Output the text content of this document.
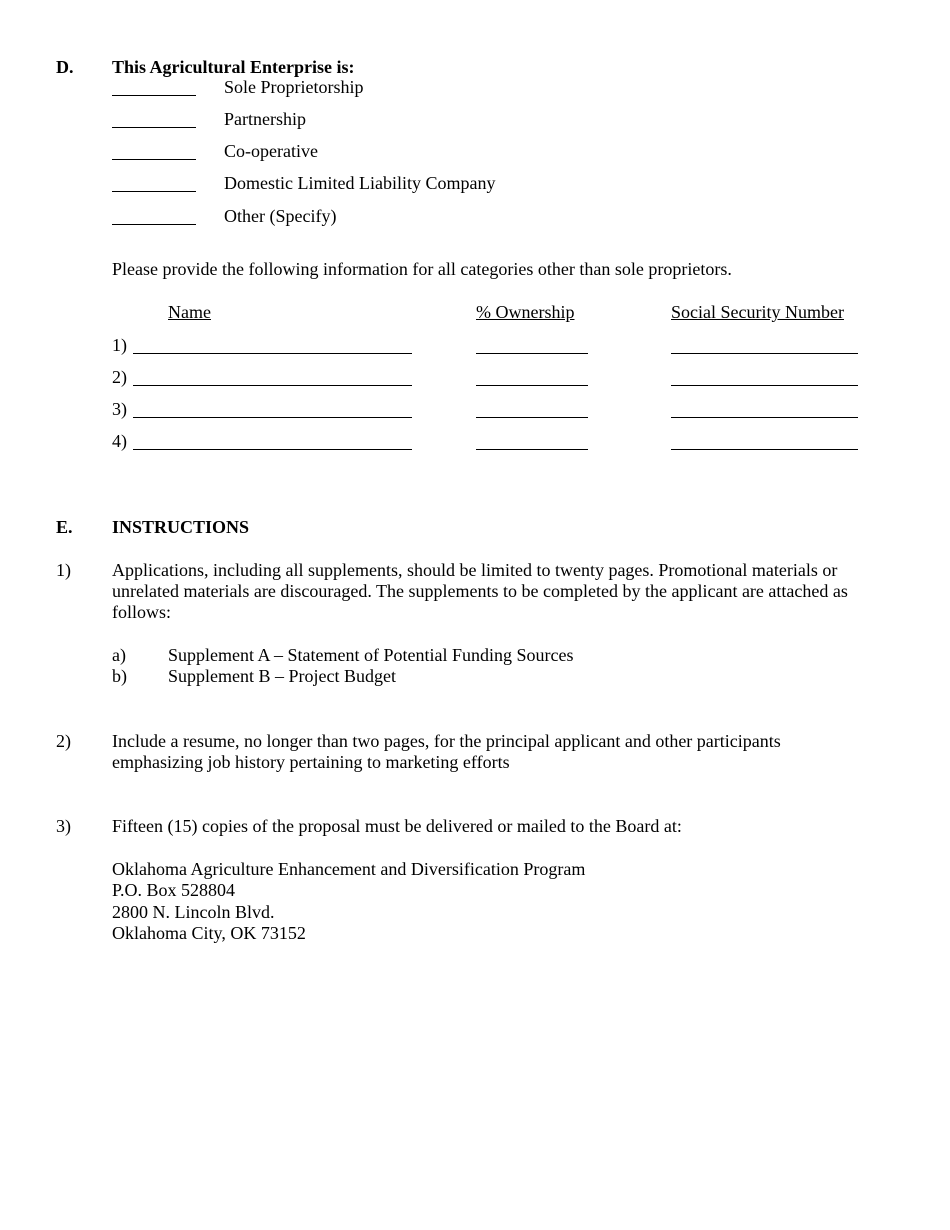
D. This Agricultural Enterprise is:
Sole Proprietorship
Partnership
Co-operative
Domestic Limited Liability Company
Other (Specify)
Please provide the following information for all categories other than sole proprietors.
Name	% Ownership	Social Security Number
1)
2)
3)
4)
E. INSTRUCTIONS
1) Applications, including all supplements, should be limited to twenty pages. Promotional materials or
unrelated materials are discouraged. The supplements to be completed by the applicant are attached as
follows:
a) Supplement A – Statement of Potential Funding Sources
b) Supplement B – Project Budget
2) Include a resume, no longer than two pages, for the principal applicant and other participants
emphasizing job history pertaining to marketing efforts
3) Fifteen (15) copies of the proposal must be delivered or mailed to the Board at:
Oklahoma Agriculture Enhancement and Diversification Program
P.O. Box 528804
2800 N. Lincoln Blvd.
Oklahoma City, OK 73152
